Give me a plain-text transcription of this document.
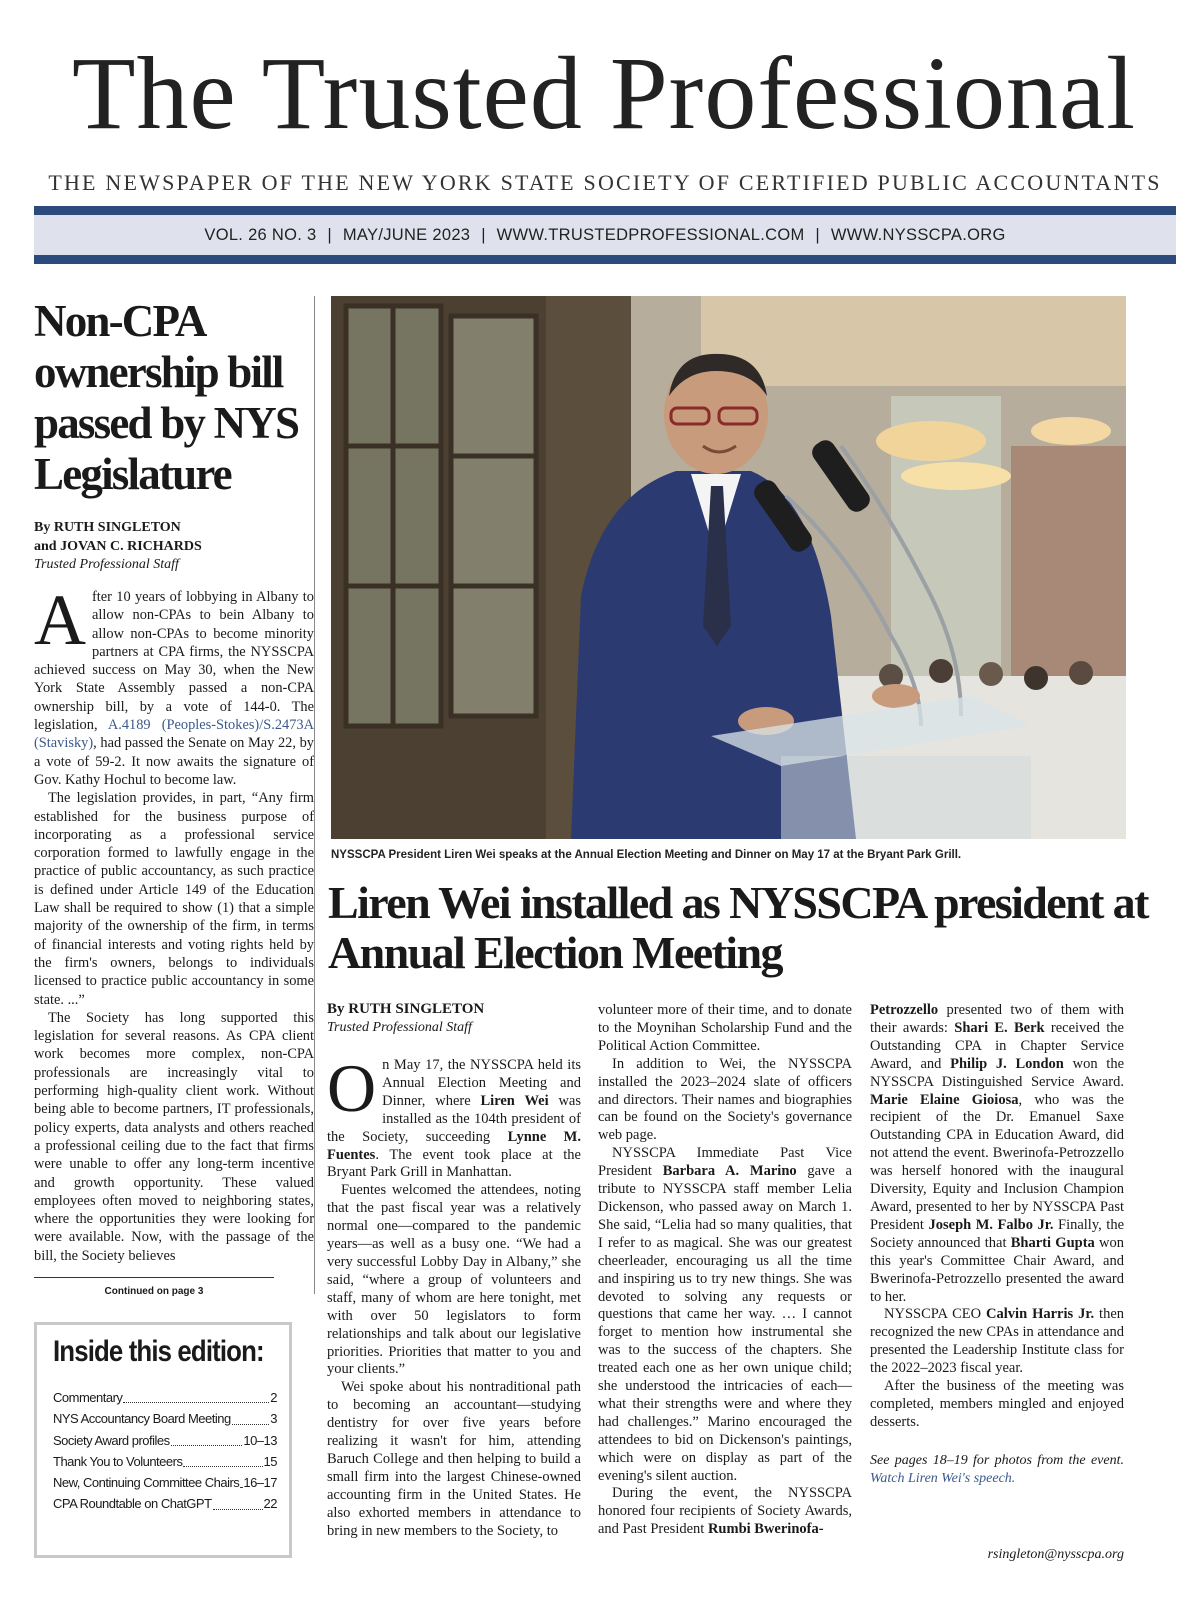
The Trusted Professional
THE NEWSPAPER OF THE NEW YORK STATE SOCIETY OF CERTIFIED PUBLIC ACCOUNTANTS
VOL. 26 NO. 3 | MAY/JUNE 2023 | WWW.TRUSTEDPROFESSIONAL.COM | WWW.NYSSCPA.ORG
Non-CPA ownership bill passed by NYS Legislature
By RUTH SINGLETON
and JOVAN C. RICHARDS
Trusted Professional Staff

After 10 years of lobbying in Albany to allow non-CPAs to bein Albany to allow non-CPAs to become minority partners at CPA firms, the NYSSCPA achieved success on May 30, when the New York State Assembly passed a non-CPA ownership bill, by a vote of 144-0. The legislation, A.4189 (Peoples-Stokes)/S.2473A (Stavisky), had passed the Senate on May 22, by a vote of 59-2. It now awaits the signature of Gov. Kathy Hochul to become law.

The legislation provides, in part, “Any firm established for the business purpose of incorporating as a professional service corporation formed to lawfully engage in the practice of public accountancy, as such practice is defined under Article 149 of the Education Law shall be required to show (1) that a simple majority of the ownership of the firm, in terms of financial interests and voting rights held by the firm's owners, belongs to individuals licensed to practice public accountancy in some state. ...”

The Society has long supported this legislation for several reasons. As CPA client work becomes more complex, non-CPA professionals are increasingly vital to performing high-quality client work. Without being able to become partners, IT professionals, policy experts, data analysts and others reached a professional ceiling due to the fact that firms were unable to offer any long-term incentive and growth opportunity. These valued employees often moved to neighboring states, where the opportunities they were looking for were available. Now, with the passage of the bill, the Society believes

Continued on page 3
Inside this edition:
Commentary	2
NYS Accountancy Board Meeting	3
Society Award profiles	10–13
Thank You to Volunteers	15
New, Continuing Committee Chairs 16–17
CPA Roundtable on ChatGPT	22
NYSSCPA President Liren Wei speaks at the Annual Election Meeting and Dinner on May 17 at the Bryant Park Grill.
Liren Wei installed as NYSSCPA president at Annual Election Meeting
By RUTH SINGLETON
Trusted Professional Staff

On May 17, the NYSSCPA held its Annual Election Meeting and Dinner, where Liren Wei was installed as the 104th president of the Society, succeeding Lynne M. Fuentes. The event took place at the Bryant Park Grill in Manhattan.

Fuentes welcomed the attendees, noting that the past fiscal year was a relatively normal one—compared to the pandemic years—as well as a busy one. “We had a very successful Lobby Day in Albany,” she said, “where a group of volunteers and staff, many of whom are here tonight, met with over 50 legislators to form relationships and talk about our legislative priorities. Priorities that matter to you and your clients.”

Wei spoke about his nontraditional path to becoming an accountant—studying dentistry for over five years before realizing it wasn't for him, attending Baruch College and then helping to build a small firm into the largest Chinese-owned accounting firm in the United States. He also exhorted members in attendance to bring in new members to the Society, to

volunteer more of their time, and to donate to the Moynihan Scholarship Fund and the Political Action Committee.

In addition to Wei, the NYSSCPA installed the 2023–2024 slate of officers and directors. Their names and biographies can be found on the Society's governance web page.

NYSSCPA Immediate Past Vice President Barbara A. Marino gave a tribute to NYSSCPA staff member Lelia Dickenson, who passed away on March 1. She said, “Lelia had so many qualities, that I refer to as magical. She was our greatest cheerleader, encouraging us all the time and inspiring us to try new things. She was devoted to solving any requests or questions that came her way. … I cannot forget to mention how instrumental she was to the success of the chapters. She treated each one as her own unique child; she understood the intricacies of each—what their strengths were and where they had challenges.” Marino encouraged the attendees to bid on Dickenson's paintings, which were on display as part of the evening's silent auction.

During the event, the NYSSCPA honored four recipients of Society Awards, and Past President Rumbi Bwerinofa-

Petrozzello presented two of them with their awards: Shari E. Berk received the Outstanding CPA in Chapter Service Award, and Philip J. London won the NYSSCPA Distinguished Service Award. Marie Elaine Gioiosa, who was the recipient of the Dr. Emanuel Saxe Outstanding CPA in Education Award, did not attend the event. Bwerinofa-Petrozzello was herself honored with the inaugural Diversity, Equity and Inclusion Champion Award, presented to her by NYSSCPA Past President Joseph M. Falbo Jr. Finally, the Society announced that Bharti Gupta won this year's Committee Chair Award, and Bwerinofa-Petrozzello presented the award to her.

NYSSCPA CEO Calvin Harris Jr. then recognized the new CPAs in attendance and presented the Leadership Institute class for the 2022–2023 fiscal year.

After the business of the meeting was completed, members mingled and enjoyed desserts.

See pages 18–19 for photos from the event. Watch Liren Wei's speech.
rsingleton@nysscpa.org
